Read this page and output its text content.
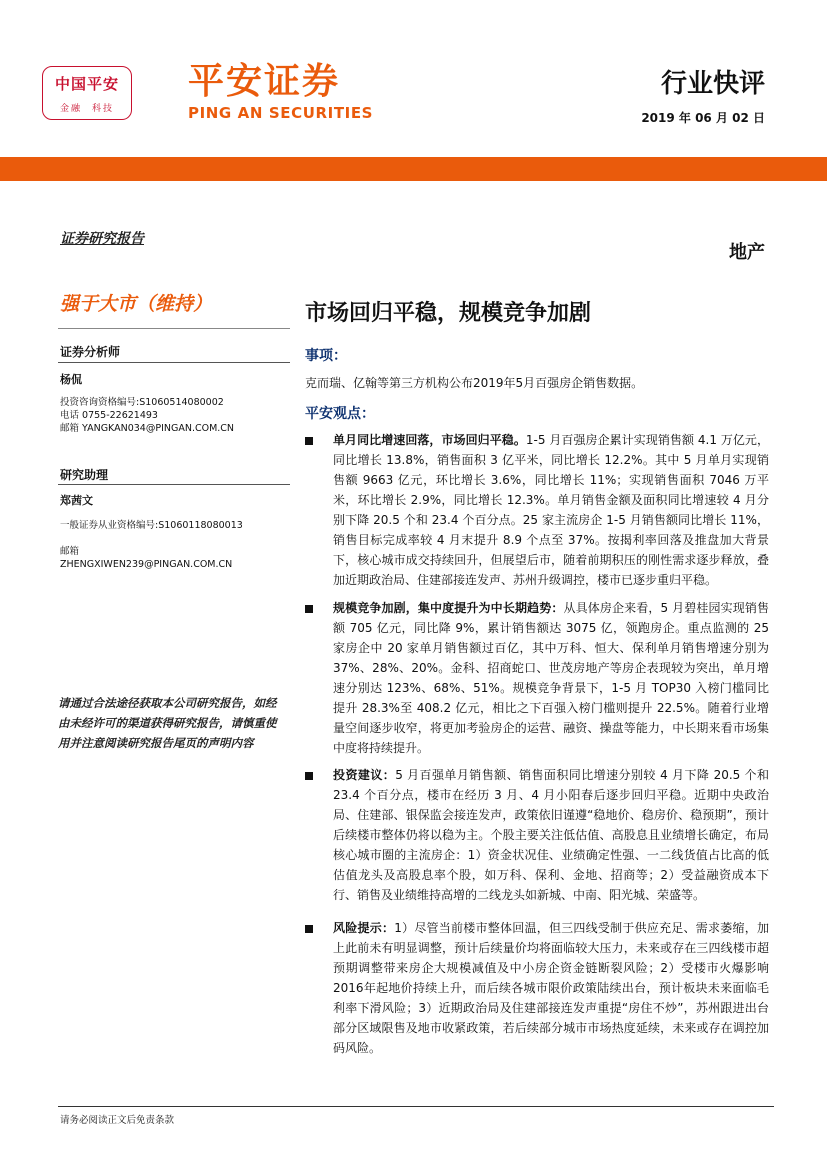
中国平安
金融 科技
平安证券
PING AN SECURITIES
行业快评
2019 年 06 月 02 日
证券研究报告
地产
强于大市（维持）
证券分析师
杨侃
投资咨询资格编号:S1060514080002
电话 0755-22621493
邮箱 YANGKAN034@PINGAN.COM.CN
研究助理
郑茜文
一般证券从业资格编号:S1060118080013
邮箱
ZHENGXIWEN239@PINGAN.COM.CN
请通过合法途径获取本公司研究报告，如经由未经许可的渠道获得研究报告，请慎重使用并注意阅读研究报告尾页的声明内容
市场回归平稳，规模竞争加剧
事项：
克而瑞、亿翰等第三方机构公布2019年5月百强房企销售数据。
平安观点：
单月同比增速回落，市场回归平稳。1-5 月百强房企累计实现销售额 4.1 万亿元，同比增长 13.8%，销售面积 3 亿平米，同比增长 12.2%。其中 5 月单月实现销售额 9663 亿元，环比增长 3.6%，同比增长 11%；实现销售面积 7046 万平米，环比增长 2.9%，同比增长 12.3%。单月销售金额及面积同比增速较 4 月分别下降 20.5 个和 23.4 个百分点。25 家主流房企 1-5 月销售额同比增长 11%，销售目标完成率较 4 月末提升 8.9 个点至 37%。按揭利率回落及推盘加大背景下，核心城市成交持续回升，但展望后市，随着前期积压的刚性需求逐步释放，叠加近期政治局、住建部接连发声、苏州升级调控，楼市已逐步重归平稳。
规模竞争加剧，集中度提升为中长期趋势：从具体房企来看，5 月碧桂园实现销售额 705 亿元，同比降 9%，累计销售额达 3075 亿，领跑房企。重点监测的 25 家房企中 20 家单月销售额过百亿，其中万科、恒大、保利单月销售增速分别为 37%、28%、20%。金科、招商蛇口、世茂房地产等房企表现较为突出，单月增速分别达 123%、68%、51%。规模竞争背景下，1-5 月 TOP30 入榜门槛同比提升 28.3%至 408.2 亿元，相比之下百强入榜门槛则提升 22.5%。随着行业增量空间逐步收窄，将更加考验房企的运营、融资、操盘等能力，中长期来看市场集中度将持续提升。
投资建议：5 月百强单月销售额、销售面积同比增速分别较 4 月下降 20.5 个和 23.4 个百分点，楼市在经历 3 月、4 月小阳春后逐步回归平稳。近期中央政治局、住建部、银保监会接连发声，政策依旧谨遵“稳地价、稳房价、稳预期”，预计后续楼市整体仍将以稳为主。个股主要关注低估值、高股息且业绩增长确定，布局核心城市圈的主流房企：1）资金状况佳、业绩确定性强、一二线货值占比高的低估值龙头及高股息率个股，如万科、保利、金地、招商等；2）受益融资成本下行、销售及业绩维持高增的二线龙头如新城、中南、阳光城、荣盛等。
风险提示：1）尽管当前楼市整体回温，但三四线受制于供应充足、需求萎缩，加上此前未有明显调整，预计后续量价均将面临较大压力，未来或存在三四线楼市超预期调整带来房企大规模减值及中小房企资金链断裂风险；2）受楼市火爆影响2016年起地价持续上升，而后续各城市限价政策陆续出台，预计板块未来面临毛利率下滑风险；3）近期政治局及住建部接连发声重提“房住不炒”，苏州跟进出台部分区域限售及地市收紧政策，若后续部分城市市场热度延续，未来或存在调控加码风险。
请务必阅读正文后免责条款
